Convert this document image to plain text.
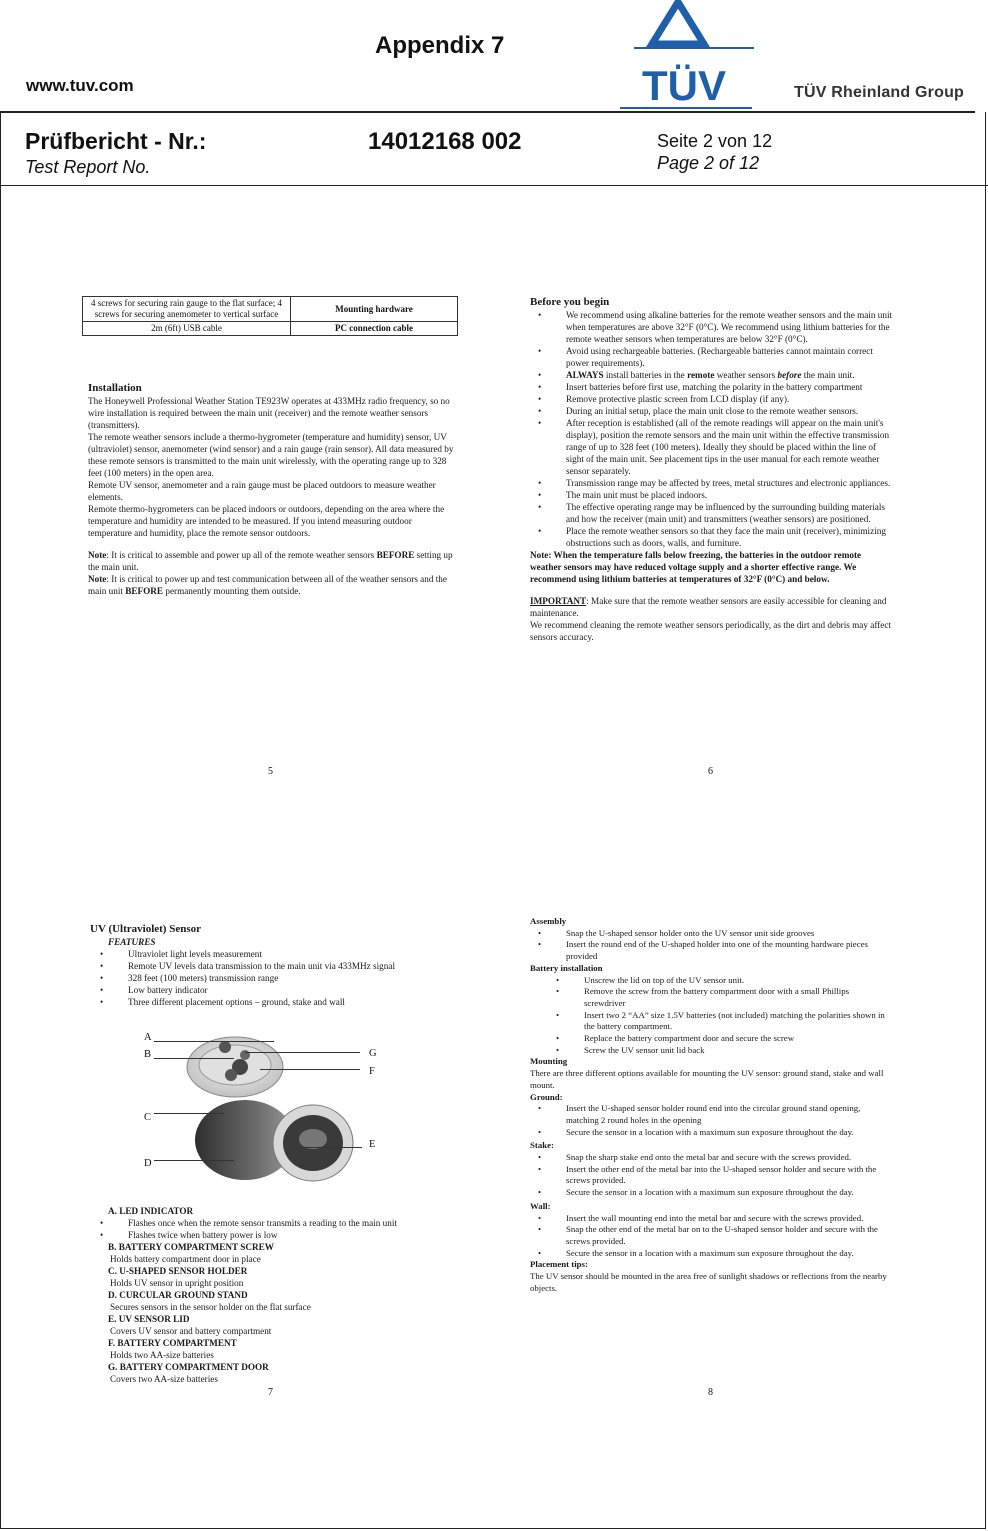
Appendix 7
www.tuv.com	TÜV	TÜV Rheinland Group
Prüfbericht - Nr.:
Test Report No.
14012168 002	Seite 2 von 12
Page 2 of 12
4 screws for securing rain gauge to the flat surface; 4 screws for securing anemometer to vertical surface	Mounting hardware
2m (6ft) USB cable	PC connection cable

Installation

The Honeywell Professional Weather Station TE923W operates at 433MHz radio frequency, so no wire installation is required between the main unit (receiver) and the remote weather sensors (transmitters).

The remote weather sensors include a thermo-hygrometer (temperature and humidity) sensor, UV (ultraviolet) sensor, anemometer (wind sensor) and a rain gauge (rain sensor). All data measured by these remote sensors is transmitted to the main unit wirelessly, with the operating range up to 328 feet (100 meters) in the open area.

Remote UV sensor, anemometer and a rain gauge must be placed outdoors to measure weather elements.

Remote thermo-hygrometers can be placed indoors or outdoors, depending on the area where the temperature and humidity are intended to be measured. If you intend measuring outdoor temperature and humidity, place the remote sensor outdoors.

Note: It is critical to assemble and power up all of the remote weather sensors BEFORE setting up the main unit.

Note: It is critical to power up and test communication between all of the weather sensors and the main unit BEFORE permanently mounting them outside.

5

Before you begin

• We recommend using alkaline batteries for the remote weather sensors and the main unit when temperatures are above 32°F (0°C). We recommend using lithium batteries for the remote weather sensors when temperatures are below 32°F (0°C).
• Avoid using rechargeable batteries. (Rechargeable batteries cannot maintain correct power requirements).
• ALWAYS install batteries in the remote weather sensors before the main unit.
• Insert batteries before first use, matching the polarity in the battery compartment
• Remove protective plastic screen from LCD display (if any).
• During an initial setup, place the main unit close to the remote weather sensors.
• After reception is established (all of the remote readings will appear on the main unit's display), position the remote sensors and the main unit within the effective transmission range of up to 328 feet (100 meters). Ideally they should be placed within the line of sight of the main unit. See placement tips in the user manual for each remote weather sensor separately.
• Transmission range may be affected by trees, metal structures and electronic appliances.
• The main unit must be placed indoors.
• The effective operating range may be influenced by the surrounding building materials and how the receiver (main unit) and transmitters (weather sensors) are positioned.
• Place the remote weather sensors so that they face the main unit (receiver), minimizing obstructions such as doors, walls, and furniture.

Note: When the temperature falls below freezing, the batteries in the outdoor remote weather sensors may have reduced voltage supply and a shorter effective range. We recommend using lithium batteries at temperatures of 32°F (0°C) and below.

IMPORTANT: Make sure that the remote weather sensors are easily accessible for cleaning and maintenance.

We recommend cleaning the remote weather sensors periodically, as the dirt and debris may affect sensors accuracy.

6

UV (Ultraviolet) Sensor

FEATURES

• Ultraviolet light levels measurement
• Remote UV levels data transmission to the main unit via 433MHz signal
• 328 feet (100 meters) transmission range
• Low battery indicator
• Three different placement options – ground, stake and wall
A
B
C
D
G
F
E

A. LED INDICATOR

• Flashes once when the remote sensor transmits a reading to the main unit
• Flashes twice when battery power is low

B. BATTERY COMPARTMENT SCREW

Holds battery compartment door in place

C. U-SHAPED SENSOR HOLDER

Holds UV sensor in upright position

D. CURCULAR GROUND STAND

Secures sensors in the sensor holder on the flat surface

E. UV SENSOR LID

Covers UV sensor and battery compartment

F. BATTERY COMPARTMENT

Holds two AA-size batteries

G. BATTERY COMPARTMENT DOOR

Covers two AA-size batteries

7

Assembly

• Snap the U-shaped sensor holder onto the UV sensor unit side grooves
• Insert the round end of the U-shaped holder into one of the mounting hardware pieces provided

Battery installation

• Unscrew the lid on top of the UV sensor unit.
• Remove the screw from the battery compartment door with a small Phillips screwdriver
• Insert two 2 “AA” size 1.5V batteries (not included) matching the polarities shown in the battery compartment.
• Replace the battery compartment door and secure the screw
• Screw the UV sensor unit lid back

Mounting

There are three different options available for mounting the UV sensor: ground stand, stake and wall mount.

Ground:

• Insert the U-shaped sensor holder round end into the circular ground stand opening, matching 2 round holes in the opening
• Secure the sensor in a location with a maximum sun exposure throughout the day.

Stake:

• Snap the sharp stake end onto the metal bar and secure with the screws provided.
• Insert the other end of the metal bar into the U-shaped sensor holder and secure with the screws provided.
• Secure the sensor in a location with a maximum sun exposure throughout the day.

Wall:

• Insert the wall mounting end into the metal bar and secure with the screws provided.
• Snap the other end of the metal bar on to the U-shaped sensor holder and secure with the screws provided.
• Secure the sensor in a location with a maximum sun exposure throughout the day.

Placement tips:

The UV sensor should be mounted in the area free of sunlight shadows or reflections from the nearby objects.

8
